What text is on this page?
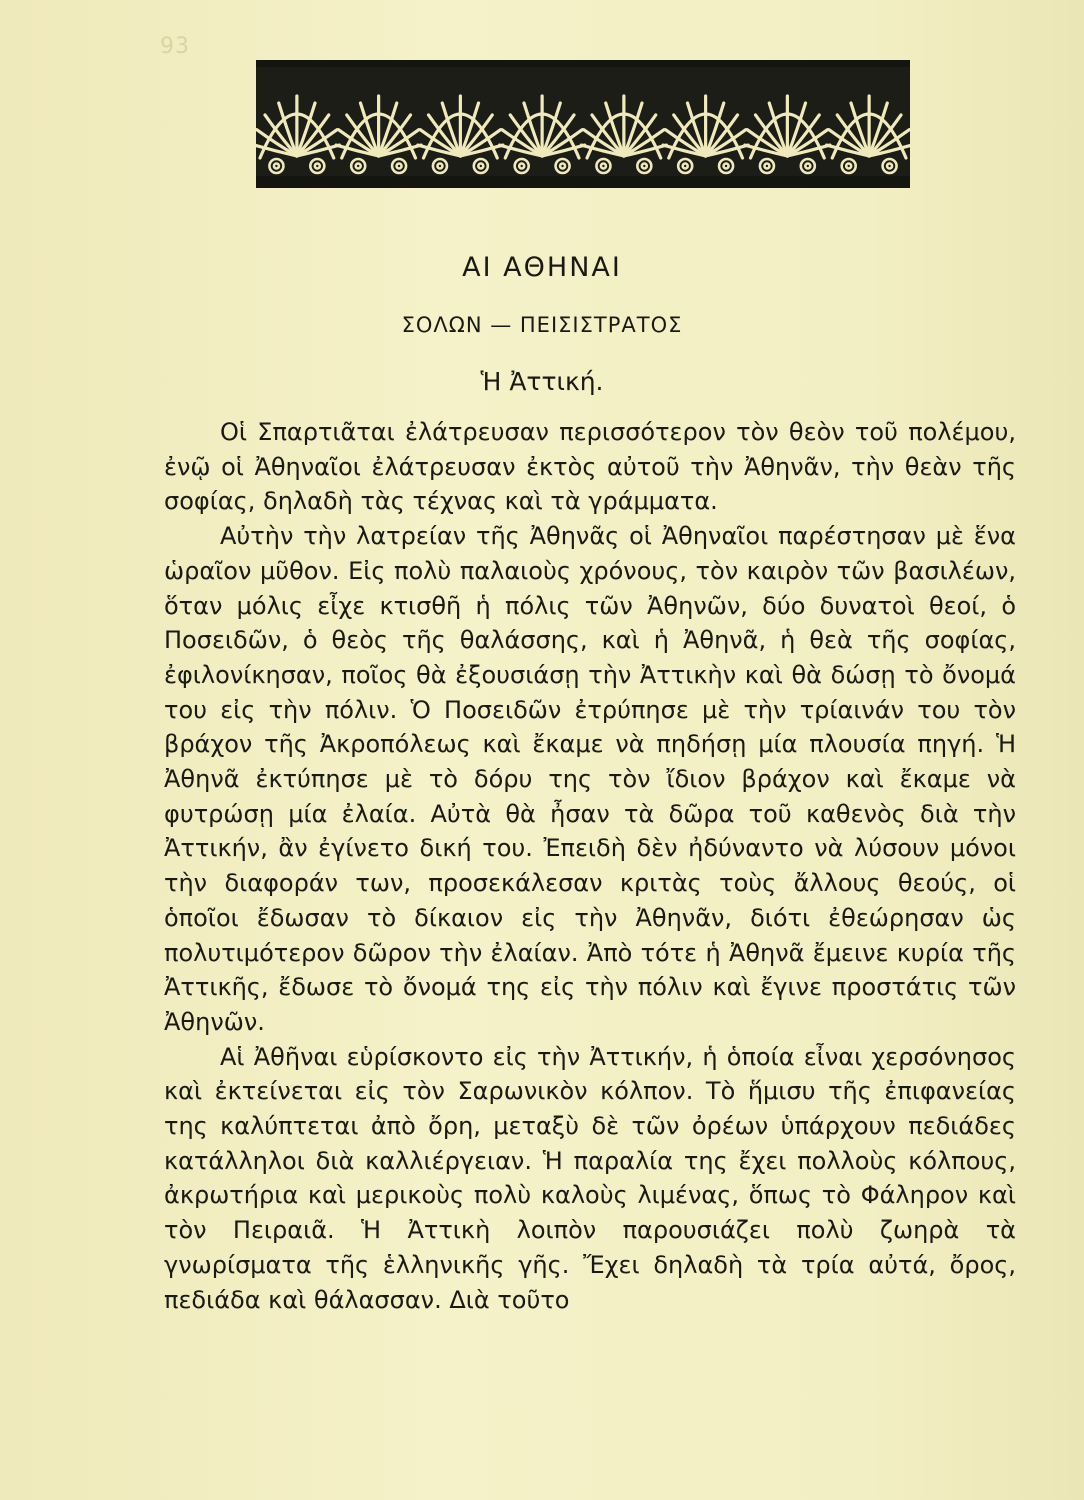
93
ΑΙ ΑΘΗΝΑΙ
ΣΟΛΩΝ — ΠΕΙΣΙΣΤΡΑΤΟΣ
Ἡ Ἀττική.

Οἱ Σπαρτιᾶται ἐλάτρευσαν περισσότερον τὸν θεὸν τοῦ πολέμου, ἐνῷ οἱ Ἀθηναῖοι ἐλάτρευσαν ἐκτὸς αὐτοῦ τὴν Ἀθηνᾶν, τὴν θεὰν τῆς σοφίας, δηλαδὴ τὰς τέχνας καὶ τὰ γράμματα.

Αὐτὴν τὴν λατρείαν τῆς Ἀθηνᾶς οἱ Ἀθηναῖοι παρέστησαν μὲ ἕνα ὡραῖον μῦθον. Εἰς πολὺ παλαιοὺς χρόνους, τὸν καιρὸν τῶν βασιλέων, ὅταν μόλις εἶχε κτισθῆ ἡ πόλις τῶν Ἀθηνῶν, δύο δυνατοὶ θεοί, ὁ Ποσειδῶν, ὁ θεὸς τῆς θαλάσσης, καὶ ἡ Ἀθηνᾶ, ἡ θεὰ τῆς σοφίας, ἐφιλονίκησαν, ποῖος θὰ ἐξουσιάσῃ τὴν Ἀττικὴν καὶ θὰ δώσῃ τὸ ὄνομά του εἰς τὴν πόλιν. Ὁ Ποσειδῶν ἐτρύπησε μὲ τὴν τρίαινάν του τὸν βράχον τῆς Ἀκροπόλεως καὶ ἔκαμε νὰ πηδήσῃ μία πλουσία πηγή. Ἡ Ἀθηνᾶ ἐκτύπησε μὲ τὸ δόρυ της τὸν ἴδιον βράχον καὶ ἔκαμε νὰ φυτρώσῃ μία ἐλαία. Αὐτὰ θὰ ἦσαν τὰ δῶρα τοῦ καθενὸς διὰ τὴν Ἀττικήν, ἂν ἐγίνετο δική του. Ἐπειδὴ δὲν ἠδύναντο νὰ λύσουν μόνοι τὴν διαφοράν των, προσεκάλεσαν κριτὰς τοὺς ἄλλους θεούς, οἱ ὁποῖοι ἔδωσαν τὸ δίκαιον εἰς τὴν Ἀθηνᾶν, διότι ἐθεώρησαν ὡς πολυτιμότερον δῶρον τὴν ἐλαίαν. Ἀπὸ τότε ἡ Ἀθηνᾶ ἔμεινε κυρία τῆς Ἀττικῆς, ἔδωσε τὸ ὄνομά της εἰς τὴν πόλιν καὶ ἔγινε προστάτις τῶν Ἀθηνῶν.

Αἱ Ἀθῆναι εὑρίσκοντο εἰς τὴν Ἀττικήν, ἡ ὁποία εἶναι χερσόνησος καὶ ἐκτείνεται εἰς τὸν Σαρωνικὸν κόλπον. Τὸ ἥμισυ τῆς ἐπιφανείας της καλύπτεται ἀπὸ ὄρη, μεταξὺ δὲ τῶν ὀρέων ὑπάρχουν πεδιάδες κατάλληλοι διὰ καλλιέργειαν. Ἡ παραλία της ἔχει πολλοὺς κόλπους, ἀκρωτήρια καὶ μερικοὺς πολὺ καλοὺς λιμένας, ὅπως τὸ Φάληρον καὶ τὸν Πειραιᾶ. Ἡ Ἀττικὴ λοιπὸν παρουσιάζει πολὺ ζωηρὰ τὰ γνωρίσματα τῆς ἑλληνικῆς γῆς. Ἔχει δηλαδὴ τὰ τρία αὐτά, ὄρος, πεδιάδα καὶ θάλασσαν. Διὰ τοῦτο
